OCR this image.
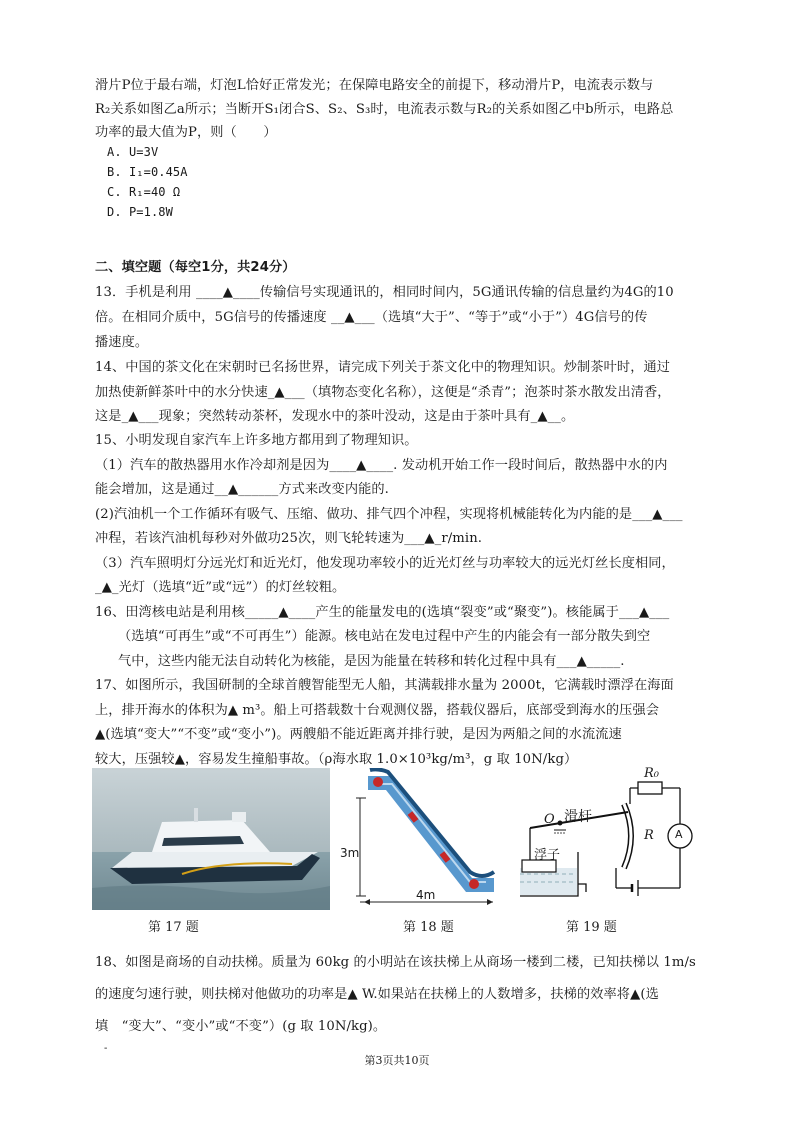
滑片P位于最右端，灯泡L恰好正常发光；在保障电路安全的前提下，移动滑片P，电流表示数与
R₂关系如图乙a所示；当断开S₁闭合S、S₂、S₃时，电流表示数与R₂的关系如图乙中b所示，电路总
功率的最大值为P，则（　　）
A. U=3V
B. I₁=0.45A
C. R₁=40 Ω
D. P=1.8W
二、填空题（每空1分，共24分）
13．手机是利用 ____▲____传输信号实现通讯的，相同时间内，5G通讯传输的信息量约为4G的10
倍。在相同介质中，5G信号的传播速度 __▲___（选填“大于”、“等于”或“小于”）4G信号的传
播速度。
14、中国的茶文化在宋朝时已名扬世界，请完成下列关于茶文化中的物理知识。炒制茶叶时，通过
加热使新鲜茶叶中的水分快速_▲___（填物态变化名称），这便是“杀青”；泡茶时茶水散发出清香，
这是_▲___现象；突然转动茶杯，发现水中的茶叶没动，这是由于茶叶具有_▲__。
15、小明发现自家汽车上许多地方都用到了物理知识。
（1）汽车的散热器用水作冷却剂是因为____▲____. 发动机开始工作一段时间后，散热器中水的内
能会增加，这是通过__▲______方式来改变内能的.
(2)汽油机一个工作循环有吸气、压缩、做功、排气四个冲程，实现将机械能转化为内能的是___▲___
冲程，若该汽油机每秒对外做功25次，则飞轮转速为___▲_r/min.
（3）汽车照明灯分远光灯和近光灯，他发现功率较小的近光灯丝与功率较大的远光灯丝长度相同，
_▲_光灯（选填“近”或“远”）的灯丝较粗。
16、田湾核电站是利用核_____▲____产生的能量发电的(选填“裂变”或“聚变”)。核能属于___▲___
（选填“可再生”或“不可再生”）能源。核电站在发电过程中产生的内能会有一部分散失到空
气中，这些内能无法自动转化为核能，是因为能量在转移和转化过程中具有___▲_____.
17、如图所示，我国研制的全球首艘智能型无人船，其满载排水量为 2000t，它满载时漂浮在海面
上，排开海水的体积为▲ m³。船上可搭载数十台观测仪器，搭载仪器后，底部受到海水的压强会
▲(选填“变大”“不变”或“变小”)。两艘船不能近距离并排行驶，是因为两船之间的水流流速
较大，压强较▲，容易发生撞船事故。（ρ海水取 1.0×10³kg/m³，g 取 10N/kg）
第 17 题
3m
4m
第 18 题
R₀
O 滑杆
R
浮子
A
第 19 题
18、如图是商场的自动扶梯。质量为 60kg 的小明站在该扶梯上从商场一楼到二楼，已知扶梯以 1m/s
的速度匀速行驶，则扶梯对他做功的功率是▲ W.如果站在扶梯上的人数增多，扶梯的效率将▲(选
填　“变大”、“变小”或“不变”）(g 取 10N/kg)。
-
第3页共10页
